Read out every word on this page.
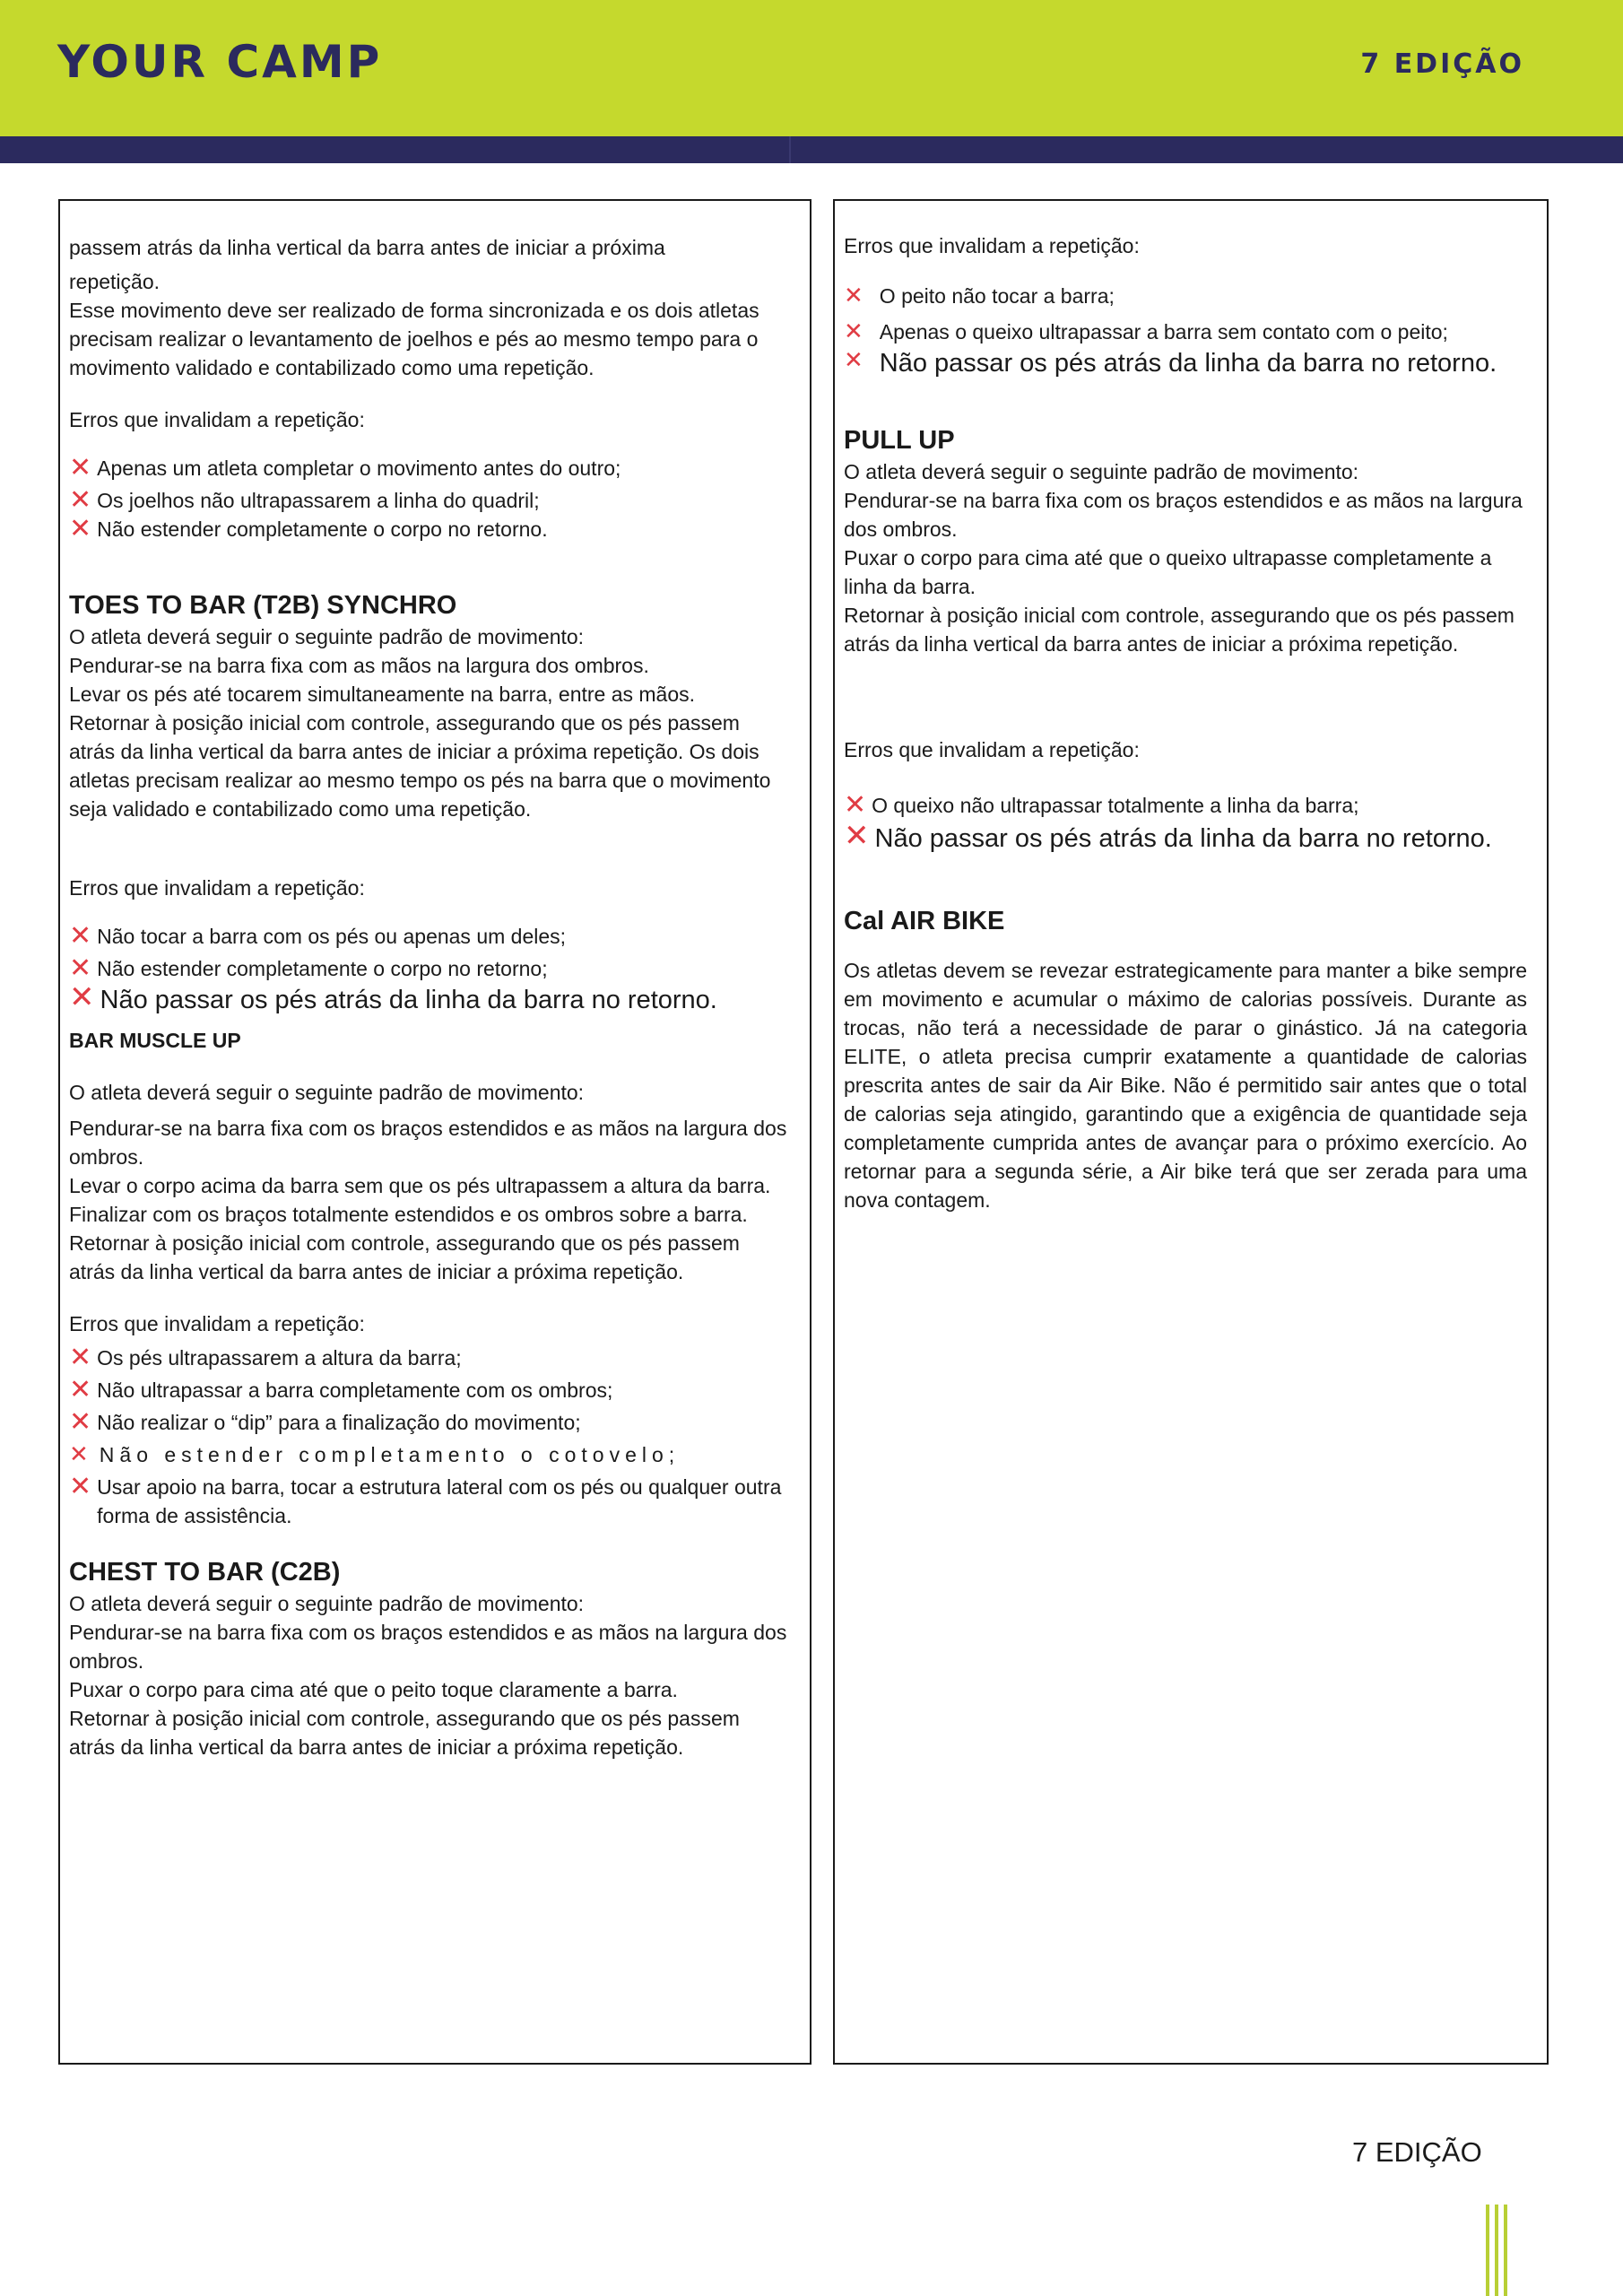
YOUR CAMP	7 EDIÇÃO

passem atrás da linha vertical da barra antes de iniciar a próxima

repetição.

Esse movimento deve ser realizado de forma sincronizada e os dois atletas precisam realizar o levantamento de joelhos e pés ao mesmo tempo para o movimento validado e contabilizado como uma repetição.

Erros que invalidam a repetição:

✕ Apenas um atleta completar o movimento antes do outro;
✕ Os joelhos não ultrapassarem a linha do quadril;
✕ Não estender completamente o corpo no retorno.
TOES TO BAR (T2B) SYNCHRO

O atleta deverá seguir o seguinte padrão de movimento:
Pendurar-se na barra fixa com as mãos na largura dos ombros.
Levar os pés até tocarem simultaneamente na barra, entre as mãos.
Retornar à posição inicial com controle, assegurando que os pés passem atrás da linha vertical da barra antes de iniciar a próxima repetição. Os dois atletas precisam realizar ao mesmo tempo os pés na barra que o movimento seja validado e contabilizado como uma repetição.

Erros que invalidam a repetição:

✕ Não tocar a barra com os pés ou apenas um deles;
✕ Não estender completamente o corpo no retorno;
✕ Não passar os pés atrás da linha da barra no retorno.
BAR MUSCLE UP

O atleta deverá seguir o seguinte padrão de movimento:

Pendurar-se na barra fixa com os braços estendidos e as mãos na largura dos ombros.
Levar o corpo acima da barra sem que os pés ultrapassem a altura da barra.
Finalizar com os braços totalmente estendidos e os ombros sobre a barra.
Retornar à posição inicial com controle, assegurando que os pés passem atrás da linha vertical da barra antes de iniciar a próxima repetição.

Erros que invalidam a repetição:

✕ Os pés ultrapassarem a altura da barra;
✕ Não ultrapassar a barra completamente com os ombros;
✕ Não realizar o “dip” para a finalização do movimento;
✕ Não estender completamento o cotovelo;
✕ Usar apoio na barra, tocar a estrutura lateral com os pés ou qualquer outra forma de assistência.
CHEST TO BAR (C2B)

O atleta deverá seguir o seguinte padrão de movimento:
Pendurar-se na barra fixa com os braços estendidos e as mãos na largura dos ombros.
Puxar o corpo para cima até que o peito toque claramente a barra.
Retornar à posição inicial com controle, assegurando que os pés passem atrás da linha vertical da barra antes de iniciar a próxima repetição.

Erros que invalidam a repetição:

✕ O peito não tocar a barra;
✕ Apenas o queixo ultrapassar a barra sem contato com o peito;
✕ Não passar os pés atrás da linha da barra no retorno.
PULL UP

O atleta deverá seguir o seguinte padrão de movimento:
Pendurar-se na barra fixa com os braços estendidos e as mãos na largura dos ombros.
Puxar o corpo para cima até que o queixo ultrapasse completamente a linha da barra.
Retornar à posição inicial com controle, assegurando que os pés passem atrás da linha vertical da barra antes de iniciar a próxima repetição.

Erros que invalidam a repetição:

✕ O queixo não ultrapassar totalmente a linha da barra;
✕ Não passar os pés atrás da linha da barra no retorno.
Cal AIR BIKE

Os atletas devem se revezar estrategicamente para manter a bike sempre em movimento e acumular o máximo de calorias possíveis. Durante as trocas, não terá a necessidade de parar o ginástico. Já na categoria ELITE, o atleta precisa cumprir exatamente a quantidade de calorias prescrita antes de sair da Air Bike. Não é permitido sair antes que o total de calorias seja atingido, garantindo que a exigência de quantidade seja completamente cumprida antes de avançar para o próximo exercício. Ao retornar para a segunda série, a Air bike terá que ser zerada para uma nova contagem.

7 EDIÇÃO
